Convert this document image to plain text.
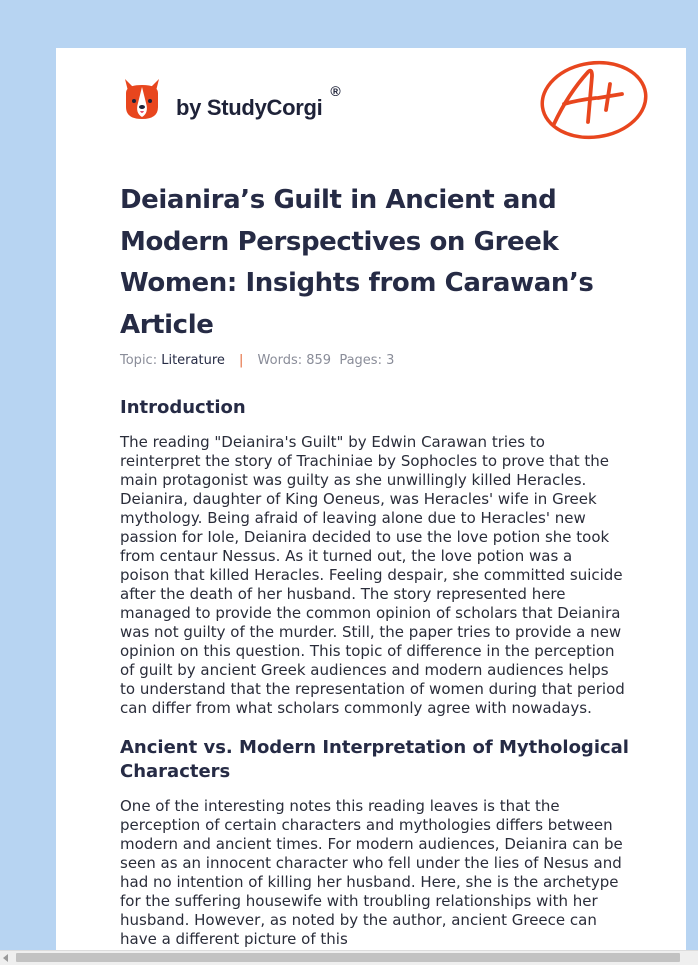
by StudyCorgi
®
Deianira’s Guilt in Ancient and Modern Perspectives on Greek Women: Insights from Carawan’s Article
Topic: Literature | Words: 859 Pages: 3
Introduction

The reading "Deianira's Guilt" by Edwin Carawan tries to reinterpret the story of Trachiniae by Sophocles to prove that the main protagonist was guilty as she unwillingly killed Heracles. Deianira, daughter of King Oeneus, was Heracles' wife in Greek mythology. Being afraid of leaving alone due to Heracles' new passion for Iole, Deianira decided to use the love potion she took from centaur Nessus. As it turned out, the love potion was a poison that killed Heracles. Feeling despair, she committed suicide after the death of her husband. The story represented here managed to provide the common opinion of scholars that Deianira was not guilty of the murder. Still, the paper tries to provide a new opinion on this question. This topic of difference in the perception of guilt by ancient Greek audiences and modern audiences helps to understand that the representation of women during that period can differ from what scholars commonly agree with nowadays.

Ancient vs. Modern Interpretation of Mythological Characters

One of the interesting notes this reading leaves is that the perception of certain characters and mythologies differs between modern and ancient times. For modern audiences, Deianira can be seen as an innocent character who fell under the lies of Nesus and had no intention of killing her husband. Here, she is the archetype for the suffering housewife with troubling relationships with her husband. However, as noted by the author, ancient Greece can have a different picture of this
